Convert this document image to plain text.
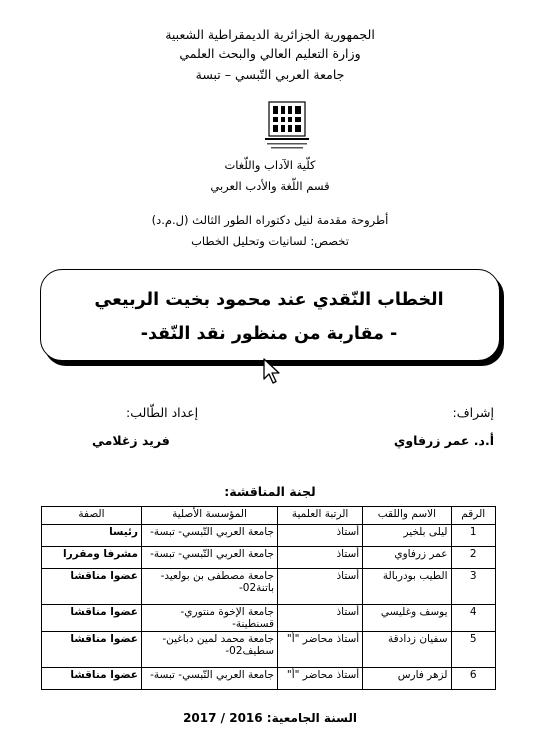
الجمهورية الجزائرية الديمقراطية الشعبية
وزارة التعليم العالي والبحث العلمي
جامعة العربي التّبسي – تبسة
كلّية الآداب واللّغات
قسم اللّغة والأدب العربي
أطروحة مقدمة لنيل دكتوراه الطور الثالث (ل.م.د)
تخصص: لسانيات وتحليل الخطاب
الخطاب النّقدي عند محمود بخيت الربيعي
- مقاربة من منظور نقد النّقد-
إشراف:
إعداد الطّالب:
أ.د. عمر زرفاوي
فريد زغلامي
لجنة المناقشة:
الرقم	الاسم واللقب	الرتبة العلمية	المؤسسة الأصلية	الصفة
1	ليلى بلخير	أستاذ	جامعة العربي التّبسي- تبسة-	رئيسا
2	عمر زرفاوي	أستاذ	جامعة العربي التّبسي- تبسة-	مشرفا ومقررا
3	الطيب بودربالة	أستاذ	جامعة مصطفى بن بولعيد- باتنة02-	عضوا مناقشا
4	يوسف وغليسي	أستاذ	جامعة الإخوة منتوري- قسنطينة-	عضوا مناقشا
5	سفيان زدادقة	أستاذ محاضر "أ"	جامعة محمد لمين دباغين- سطيف02-	عضوا مناقشا
6	لزهر فارس	أستاذ محاضر "أ"	جامعة العربي التّبسي- تبسة-	عضوا مناقشا
السنة الجامعية: 2016 / 2017
